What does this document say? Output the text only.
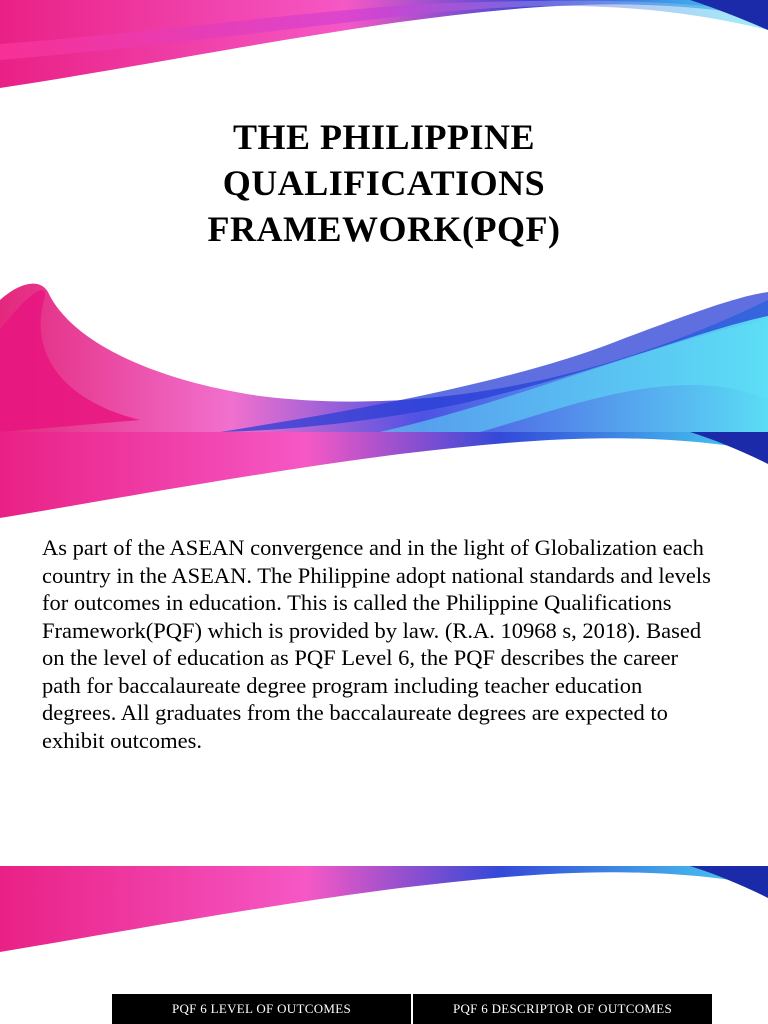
THE PHILIPPINE
QUALIFICATIONS
FRAMEWORK(PQF)

As part of the ASEAN convergence and in the light of Globalization each country in the ASEAN. The Philippine adopt national standards and levels for outcomes in education. This is called the Philippine Qualifications Framework(PQF) which is provided by law. (R.A. 10968 s, 2018). Based on the level of education as PQF Level 6, the PQF describes the career path for baccalaureate degree program including teacher education degrees. All graduates from the baccalaureate degrees are expected to exhibit outcomes.

PQF 6 LEVEL OF OUTCOMES	PQF 6 DESCRIPTOR OF OUTCOMES
